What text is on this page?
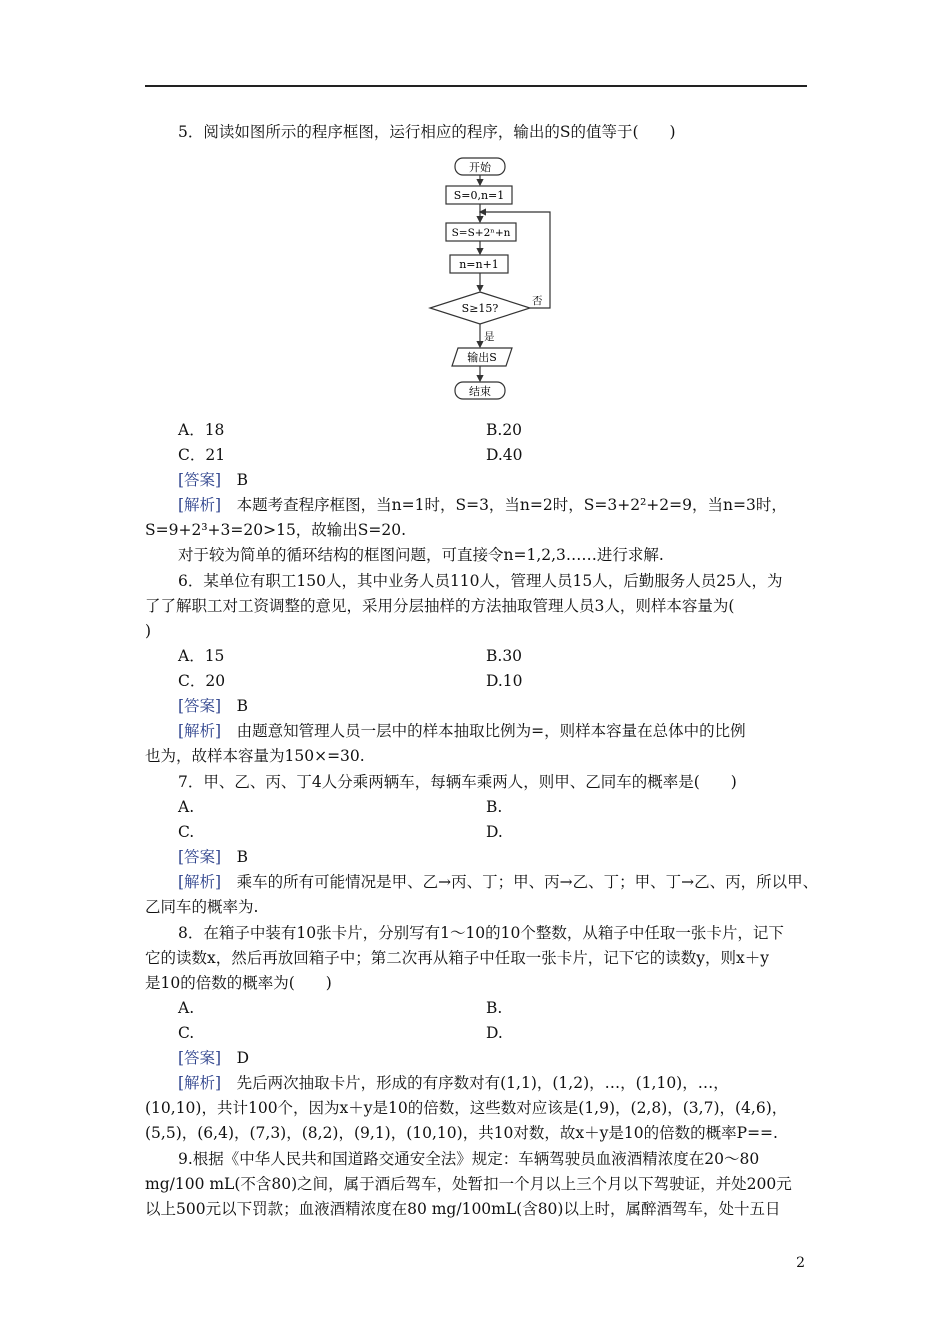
5．阅读如图所示的程序框图，运行相应的程序，输出的S的值等于(　　)
开始
S=0,n=1
S=S+2ⁿ+n
n=n+1
S≥15?
否
是
输出S
结束
A．18	B.20
C．21	D.40
[答案]　 B
[解析]　 本题考查程序框图，当n=1时，S=3，当n=2时，S=3+2²+2=9，当n=3时，
S=9+2³+3=20>15，故输出S=20.
对于较为简单的循环结构的框图问题，可直接令n=1,2,3……进行求解.
6．某单位有职工150人，其中业务人员110人，管理人员15人，后勤服务人员25人，为
了了解职工对工资调整的意见，采用分层抽样的方法抽取管理人员3人，则样本容量为(
)
A．15	B.30
C．20	D.10
[答案]　 B
[解析]　 由题意知管理人员一层中的样本抽取比例为=，则样本容量在总体中的比例
也为，故样本容量为150×=30.
7．甲、乙、丙、丁4人分乘两辆车，每辆车乘两人，则甲、乙同车的概率是(　　)
A.	B.
C.	D.
[答案]　 B
[解析]　 乘车的所有可能情况是甲、乙→丙、丁；甲、丙→乙、丁；甲、丁→乙、丙，所以甲、
乙同车的概率为.
8．在箱子中装有10张卡片，分别写有1～10的10个整数，从箱子中任取一张卡片，记下
它的读数x，然后再放回箱子中；第二次再从箱子中任取一张卡片，记下它的读数y，则x＋y
是10的倍数的概率为(　　)
A.	B.
C.	D.
[答案]　 D
[解析]　 先后两次抽取卡片，形成的有序数对有(1,1)，(1,2)，…，(1,10)，…，
(10,10)，共计100个，因为x＋y是10的倍数，这些数对应该是(1,9)，(2,8)，(3,7)，(4,6)，
(5,5)，(6,4)，(7,3)，(8,2)，(9,1)，(10,10)，共10对数，故x＋y是10的倍数的概率P==.
9.根据《中华人民共和国道路交通安全法》规定：车辆驾驶员血液酒精浓度在20～80
mg/100 mL(不含80)之间，属于酒后驾车，处暂扣一个月以上三个月以下驾驶证，并处200元
以上500元以下罚款；血液酒精浓度在80 mg/100mL(含80)以上时，属醉酒驾车，处十五日
2
